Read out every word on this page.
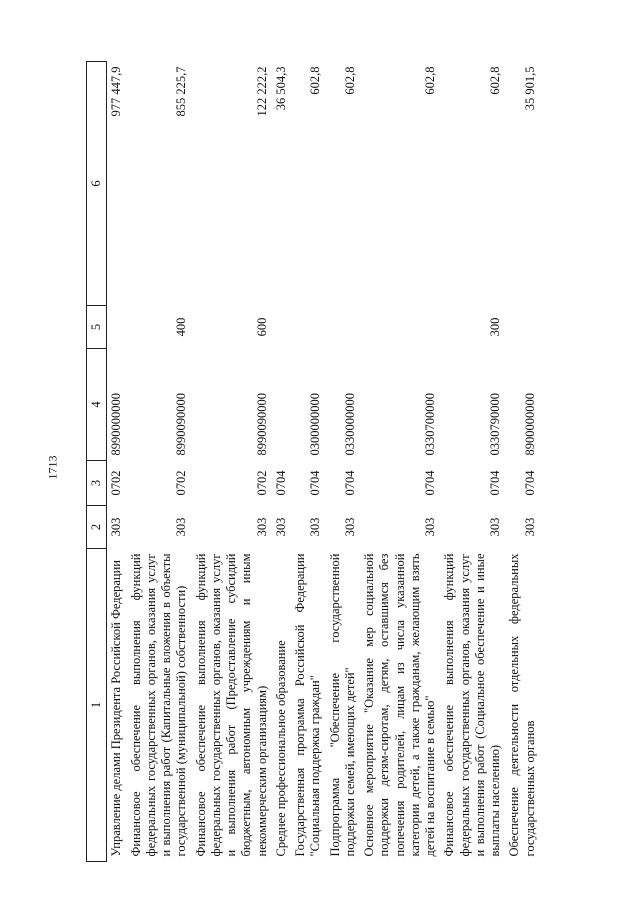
1713
1	2	3	4	5	6
Управление делами Президента Российской Федерации	303	0702	8990000000		977 447,9
Финансовое обеспечение выполнения функций федеральных государственных органов, оказания услуг и выполнения работ (Капитальные вложения в объекты государственной (муниципальной) собственности)	303	0702	8990090000	400	855 225,7
Финансовое обеспечение выполнения функций федеральных государственных органов, оказания услуг и выполнения работ (Предоставление субсидий бюджетным, автономным учреждениям и иным некоммерческим организациям)	303	0702	8990090000	600	122 222,2
Среднее профессиональное образование	303	0704			36 504,3
Государственная программа Российской Федерации "Социальная поддержка граждан"	303	0704	0300000000		602,8
Подпрограмма "Обеспечение государственной поддержки семей, имеющих детей"	303	0704	0330000000		602,8
Основное мероприятие "Оказание мер социальной поддержки детям-сиротам, детям, оставшимся без попечения родителей, лицам из числа указанной категории детей, а также гражданам, желающим взять детей на воспитание в семью"	303	0704	0330700000		602,8
Финансовое обеспечение выполнения функций федеральных государственных органов, оказания услуг и выполнения работ (Социальное обеспечение и иные выплаты населению)	303	0704	0330790000	300	602,8
Обеспечение деятельности отдельных федеральных государственных органов	303	0704	8900000000		35 901,5
